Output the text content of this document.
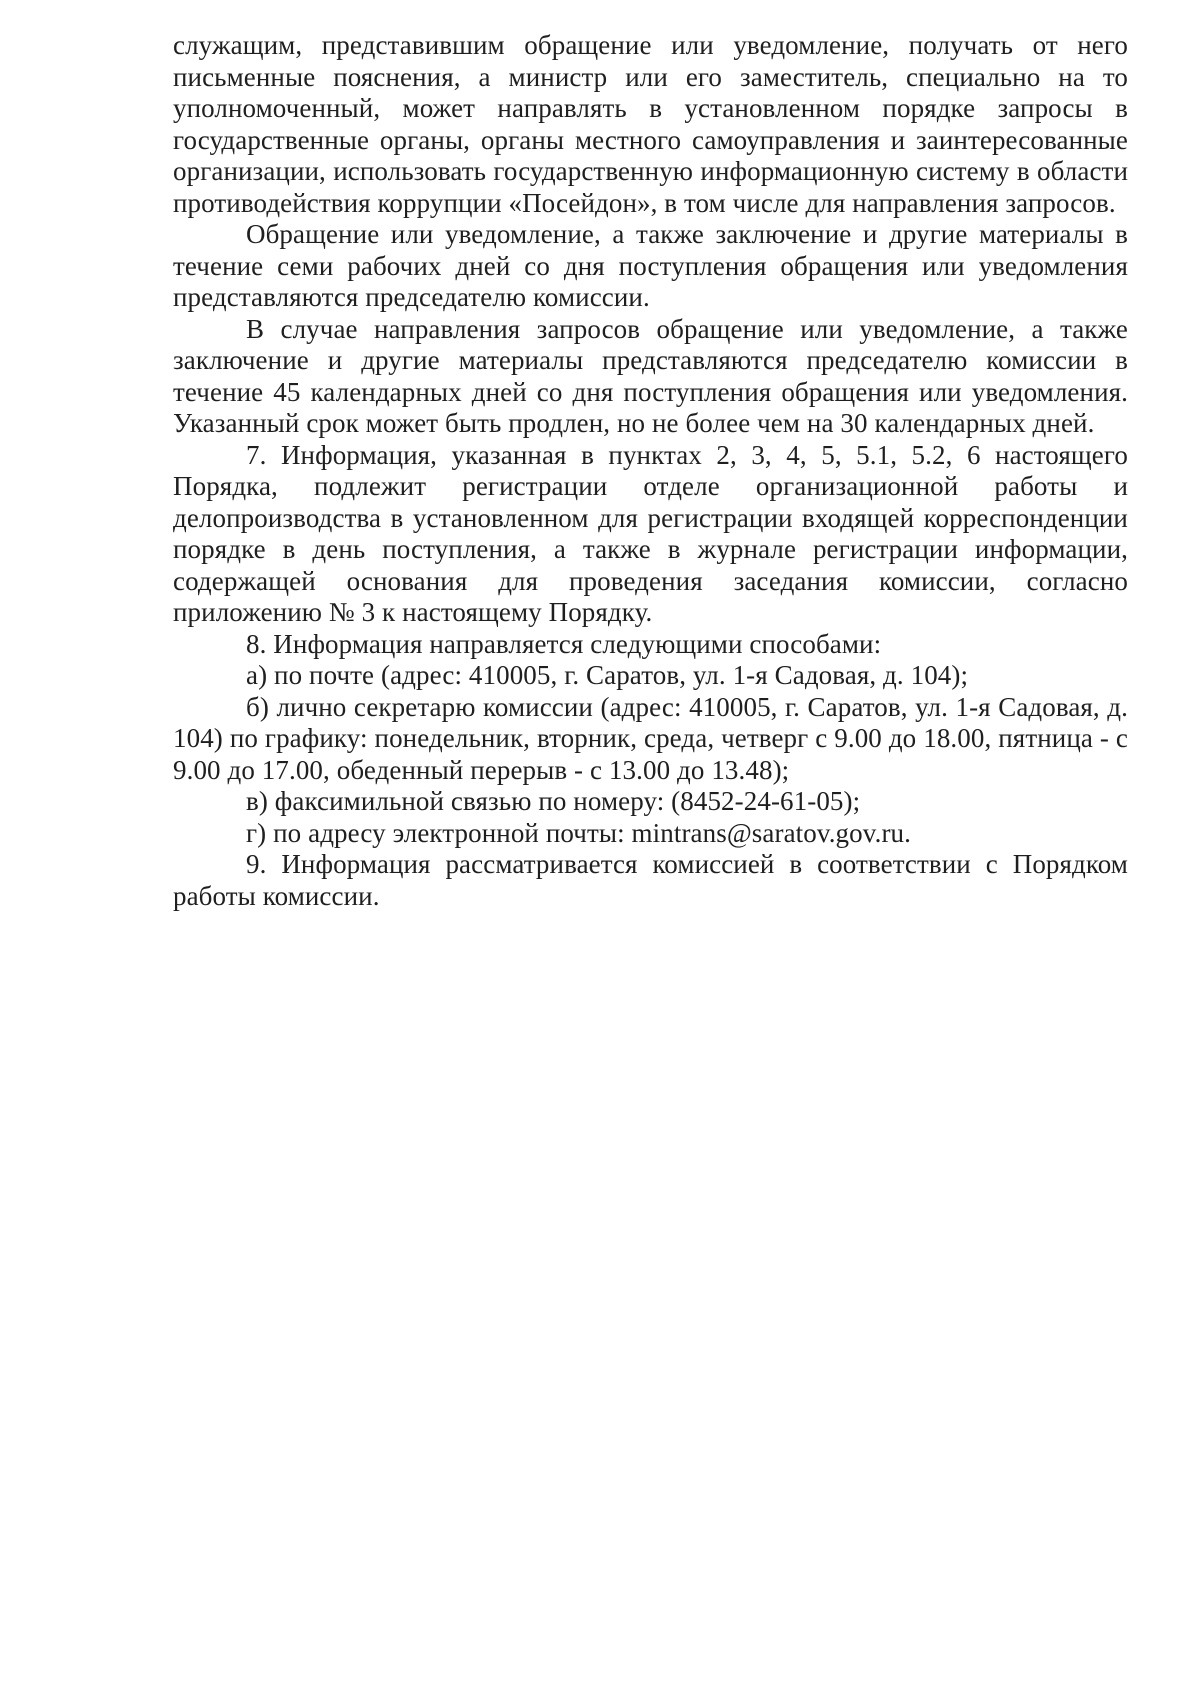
служащим, представившим обращение или уведомление, получать от него письменные пояснения, а министр или его заместитель, специально на то уполномоченный, может направлять в установленном порядке запросы в государственные органы, органы местного самоуправления и заинтересованные организации, использовать государственную информационную систему в области противодействия коррупции «Посейдон», в том числе для направления запросов.

Обращение или уведомление, а также заключение и другие материалы в течение семи рабочих дней со дня поступления обращения или уведомления представляются председателю комиссии.

В случае направления запросов обращение или уведомление, а также заключение и другие материалы представляются председателю комиссии в течение 45 календарных дней со дня поступления обращения или уведомления. Указанный срок может быть продлен, но не более чем на 30 календарных дней.

7. Информация, указанная в пунктах 2, 3, 4, 5, 5.1, 5.2, 6 настоящего Порядка, подлежит регистрации отделе организационной работы и делопроизводства в установленном для регистрации входящей корреспонденции порядке в день поступления, а также в журнале регистрации информации, содержащей основания для проведения заседания комиссии, согласно приложению № 3 к настоящему Порядку.

8. Информация направляется следующими способами:

а) по почте (адрес: 410005, г. Саратов, ул. 1-я Садовая, д. 104);

б) лично секретарю комиссии (адрес: 410005, г. Саратов, ул. 1-я Садовая, д. 104) по графику: понедельник, вторник, среда, четверг с 9.00 до 18.00, пятница - с 9.00 до 17.00, обеденный перерыв - с 13.00 до 13.48);

в) факсимильной связью по номеру: (8452-24-61-05);

г) по адресу электронной почты: mintrans@saratov.gov.ru.

9. Информация рассматривается комиссией в соответствии с Порядком работы комиссии.
